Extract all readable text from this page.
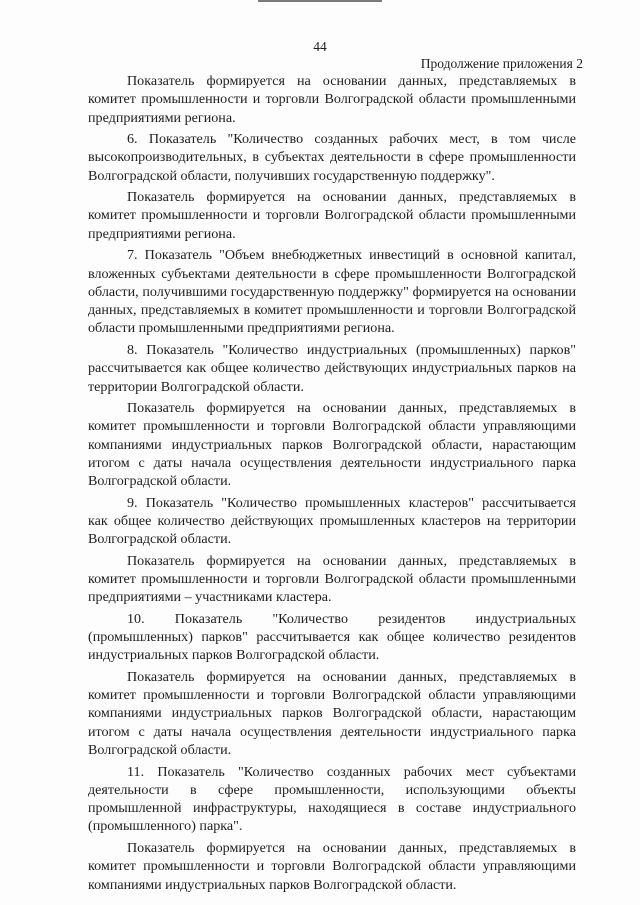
44
Продолжение приложения 2

Показатель формируется на основании данных, представляемых в комитет промышленности и торговли Волгоградской области промышленными предприятиями региона.

6. Показатель "Количество созданных рабочих мест, в том числе высокопроизводительных, в субъектах деятельности в сфере промышленности Волгоградской области, получивших государственную поддержку".

Показатель формируется на основании данных, представляемых в комитет промышленности и торговли Волгоградской области промышленными предприятиями региона.

7. Показатель "Объем внебюджетных инвестиций в основной капитал, вложенных субъектами деятельности в сфере промышленности Волгоградской области, получившими государственную поддержку" формируется на основании данных, представляемых в комитет промышленности и торговли Волгоградской области промышленными предприятиями региона.

8. Показатель "Количество индустриальных (промышленных) парков" рассчитывается как общее количество действующих индустриальных парков на территории Волгоградской области.

Показатель формируется на основании данных, представляемых в комитет промышленности и торговли Волгоградской области управляющими компаниями индустриальных парков Волгоградской области, нарастающим итогом с даты начала осуществления деятельности индустриального парка Волгоградской области.

9. Показатель "Количество промышленных кластеров" рассчитывается как общее количество действующих промышленных кластеров на территории Волгоградской области.

Показатель формируется на основании данных, представляемых в комитет промышленности и торговли Волгоградской области промышленными предприятиями – участниками кластера.

10. Показатель "Количество резидентов индустриальных (промышленных) парков" рассчитывается как общее количество резидентов индустриальных парков Волгоградской области.

Показатель формируется на основании данных, представляемых в комитет промышленности и торговли Волгоградской области управляющими компаниями индустриальных парков Волгоградской области, нарастающим итогом с даты начала осуществления деятельности индустриального парка Волгоградской области.

11. Показатель "Количество созданных рабочих мест субъектами деятельности в сфере промышленности, использующими объекты промышленной инфраструктуры, находящиеся в составе индустриального (промышленного) парка".

Показатель формируется на основании данных, представляемых в комитет промышленности и торговли Волгоградской области управляющими компаниями индустриальных парков Волгоградской области.
